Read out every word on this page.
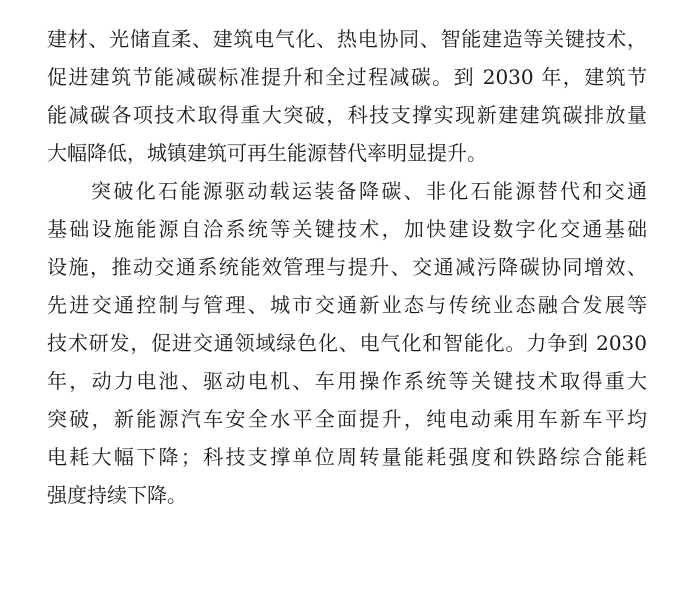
建材、光储直柔、建筑电气化、热电协同、智能建造等关键技术，
促进建筑节能减碳标准提升和全过程减碳。到 2030 年，建筑节
能减碳各项技术取得重大突破，科技支撑实现新建建筑碳排放量
大幅降低，城镇建筑可再生能源替代率明显提升。
突破化石能源驱动载运装备降碳、非化石能源替代和交通
基础设施能源自洽系统等关键技术，加快建设数字化交通基础
设施，推动交通系统能效管理与提升、交通减污降碳协同增效、
先进交通控制与管理、城市交通新业态与传统业态融合发展等
技术研发，促进交通领域绿色化、电气化和智能化。力争到 2030
年，动力电池、驱动电机、车用操作系统等关键技术取得重大
突破，新能源汽车安全水平全面提升，纯电动乘用车新车平均
电耗大幅下降；科技支撑单位周转量能耗强度和铁路综合能耗
强度持续下降。
